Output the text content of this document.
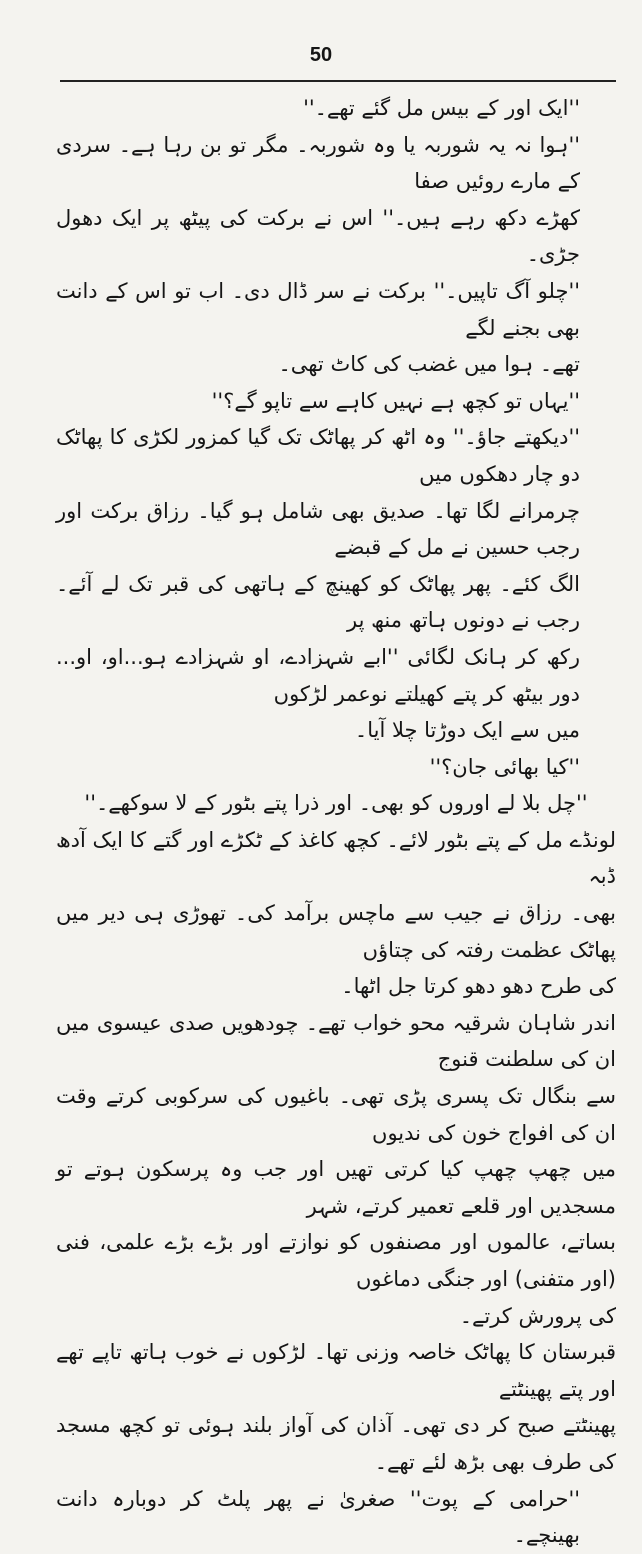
50

''ایک اور کے بیس مل گئے تھے۔''

''ہوا نہ یہ شوربہ یا وہ شوربہ۔ مگر تو بن رہا ہے۔ سردی کے مارے روئیں صفا
کھڑے دکھ رہے ہیں۔'' اس نے برکت کی پیٹھ پر ایک دھول جڑی۔

''چلو آگ تاپیں۔'' برکت نے سر ڈال دی۔ اب تو اس کے دانت بھی بجنے لگے
تھے۔ ہوا میں غضب کی کاٹ تھی۔

''یہاں تو کچھ ہے نہیں کاہے سے تاپو گے؟''

''دیکھتے جاؤ۔'' وہ اٹھ کر پھاٹک تک گیا کمزور لکڑی کا پھاٹک دو چار دھکوں میں
چرمرانے لگا تھا۔ صدیق بھی شامل ہو گیا۔ رزاق برکت اور رجب حسین نے مل کے قبضے
الگ کئے۔ پھر پھاٹک کو کھینچ کے ہاتھی کی قبر تک لے آئے۔ رجب نے دونوں ہاتھ منھ پر
رکھ کر ہانک لگائی ''ابے شہزادے، او شہزادے ہو...او، او... دور بیٹھ کر پتے کھیلتے نوعمر لڑکوں
میں سے ایک دوڑتا چلا آیا۔

''کیا بھائی جان؟''

''چل بلا لے اوروں کو بھی۔ اور ذرا پتے بٹور کے لا سوکھے۔''

لونڈے مل کے پتے بٹور لائے۔ کچھ کاغذ کے ٹکڑے اور گتے کا ایک آدھ ڈبہ
بھی۔ رزاق نے جیب سے ماچس برآمد کی۔ تھوڑی ہی دیر میں پھاٹک عظمت رفتہ کی چتاؤں
کی طرح دھو دھو کرتا جل اٹھا۔

اندر شاہان شرقیہ محو خواب تھے۔ چودھویں صدی عیسوی میں ان کی سلطنت قنوج
سے بنگال تک پسری پڑی تھی۔ باغیوں کی سرکوبی کرتے وقت ان کی افواج خون کی ندیوں
میں چھپ چھپ کیا کرتی تھیں اور جب وہ پرسکون ہوتے تو مسجدیں اور قلعے تعمیر کرتے، شہر
بساتے، عالموں اور مصنفوں کو نوازتے اور بڑے بڑے علمی، فنی (اور متفنی) اور جنگی دماغوں
کی پرورش کرتے۔

قبرستان کا پھاٹک خاصہ وزنی تھا۔ لڑکوں نے خوب ہاتھ تاپے تھے اور پتے پھینٹتے
پھینٹتے صبح کر دی تھی۔ آذان کی آواز بلند ہوئی تو کچھ مسجد کی طرف بھی بڑھ لئے تھے۔

''حرامی کے پوت'' صغریٰ نے پھر پلٹ کر دوبارہ دانت بھینچے۔
